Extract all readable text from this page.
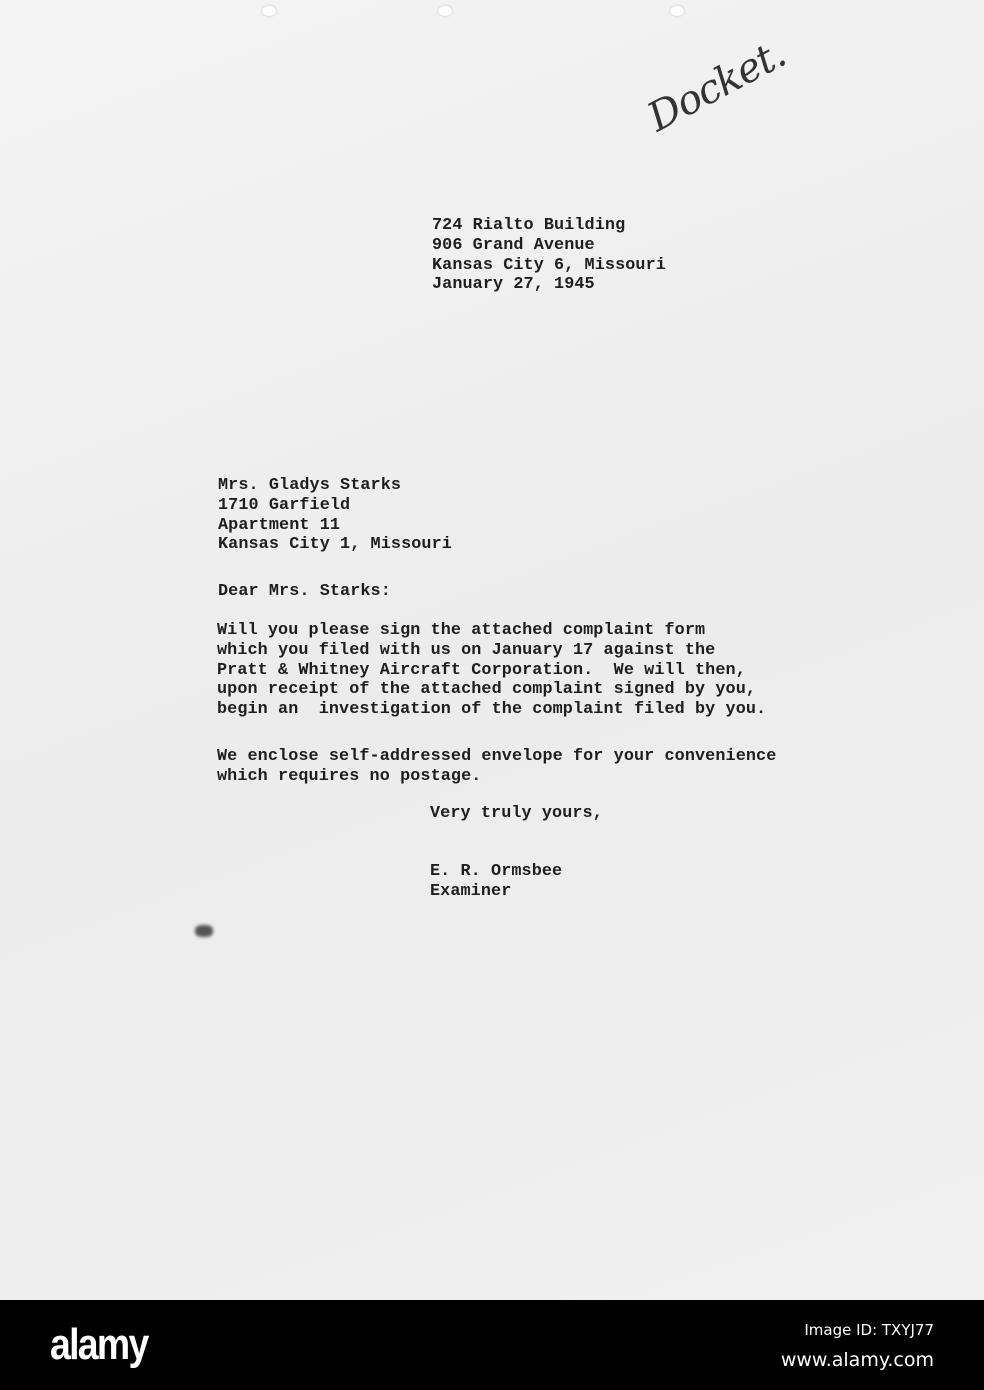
Docket.
724 Rialto Building
906 Grand Avenue
Kansas City 6, Missouri
January 27, 1945
Mrs. Gladys Starks
1710 Garfield
Apartment 11
Kansas City 1, Missouri
Dear Mrs. Starks:
Will you please sign the attached complaint form
which you filed with us on January 17 against the
Pratt & Whitney Aircraft Corporation.  We will then,
upon receipt of the attached complaint signed by you,
begin an  investigation of the complaint filed by you.
We enclose self-addressed envelope for your convenience
which requires no postage.
Very truly yours,
E. R. Ormsbee
Examiner
alamy	Image ID: TXYJ77
www.alamy.com
